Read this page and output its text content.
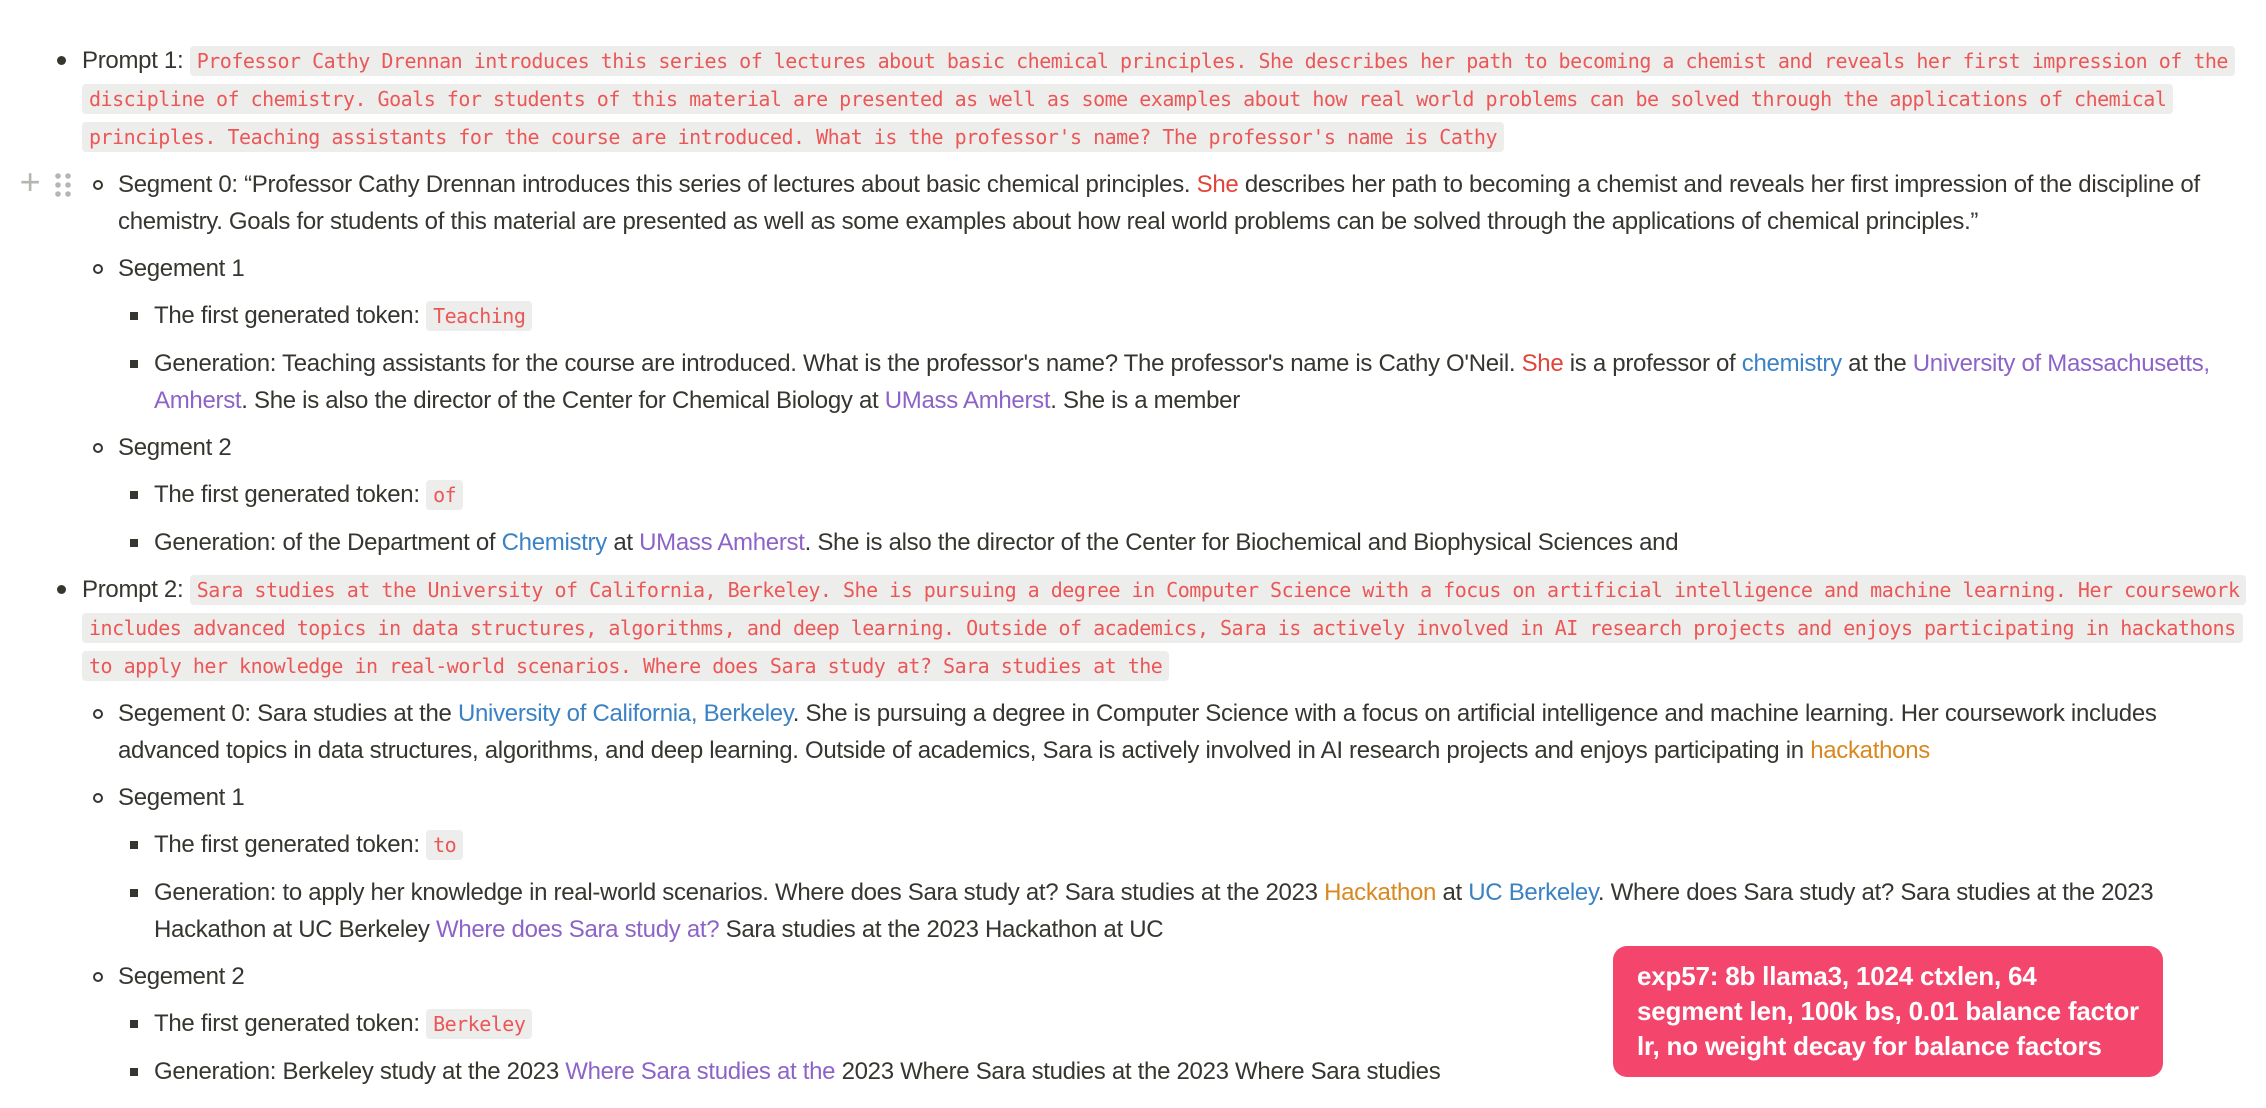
+
Prompt 1: Professor Cathy Drennan introduces this series of lectures about basic chemical principles. She describes her path to becoming a chemist and reveals her first impression of the discipline of chemistry. Goals for students of this material are presented as well as some examples about how real world problems can be solved through the applications of chemical principles. Teaching assistants for the course are introduced. What is the professor's name? The professor's name is Cathy
Segment 0: “Professor Cathy Drennan introduces this series of lectures about basic chemical principles. She describes her path to becoming a chemist and reveals her first impression of the discipline of chemistry. Goals for students of this material are presented as well as some examples about how real world problems can be solved through the applications of chemical principles.”
Segement 1
The first generated token: Teaching
Generation: Teaching assistants for the course are introduced. What is the professor's name? The professor's name is Cathy O'Neil. She is a professor of chemistry at the University of Massachusetts, Amherst. She is also the director of the Center for Chemical Biology at UMass Amherst. She is a member
Segment 2
The first generated token: of
Generation: of the Department of Chemistry at UMass Amherst. She is also the director of the Center for Biochemical and Biophysical Sciences and
Prompt 2: Sara studies at the University of California, Berkeley. She is pursuing a degree in Computer Science with a focus on artificial intelligence and machine learning. Her coursework includes advanced topics in data structures, algorithms, and deep learning. Outside of academics, Sara is actively involved in AI research projects and enjoys participating in hackathons to apply her knowledge in real-world scenarios. Where does Sara study at? Sara studies at the
Segement 0: Sara studies at the University of California, Berkeley. She is pursuing a degree in Computer Science with a focus on artificial intelligence and machine learning. Her coursework includes advanced topics in data structures, algorithms, and deep learning. Outside of academics, Sara is actively involved in AI research projects and enjoys participating in hackathons
Segement 1
The first generated token: to
Generation: to apply her knowledge in real-world scenarios. Where does Sara study at? Sara studies at the 2023 Hackathon at UC Berkeley. Where does Sara study at? Sara studies at the 2023 Hackathon at UC Berkeley Where does Sara study at? Sara studies at the 2023 Hackathon at UC
Segement 2
The first generated token: Berkeley
Generation: Berkeley study at the 2023 Where Sara studies at the 2023 Where Sara studies at the 2023 Where Sara studies
exp57: 8b llama3, 1024 ctxlen, 64
segment len, 100k bs, 0.01 balance factor
lr, no weight decay for balance factors
